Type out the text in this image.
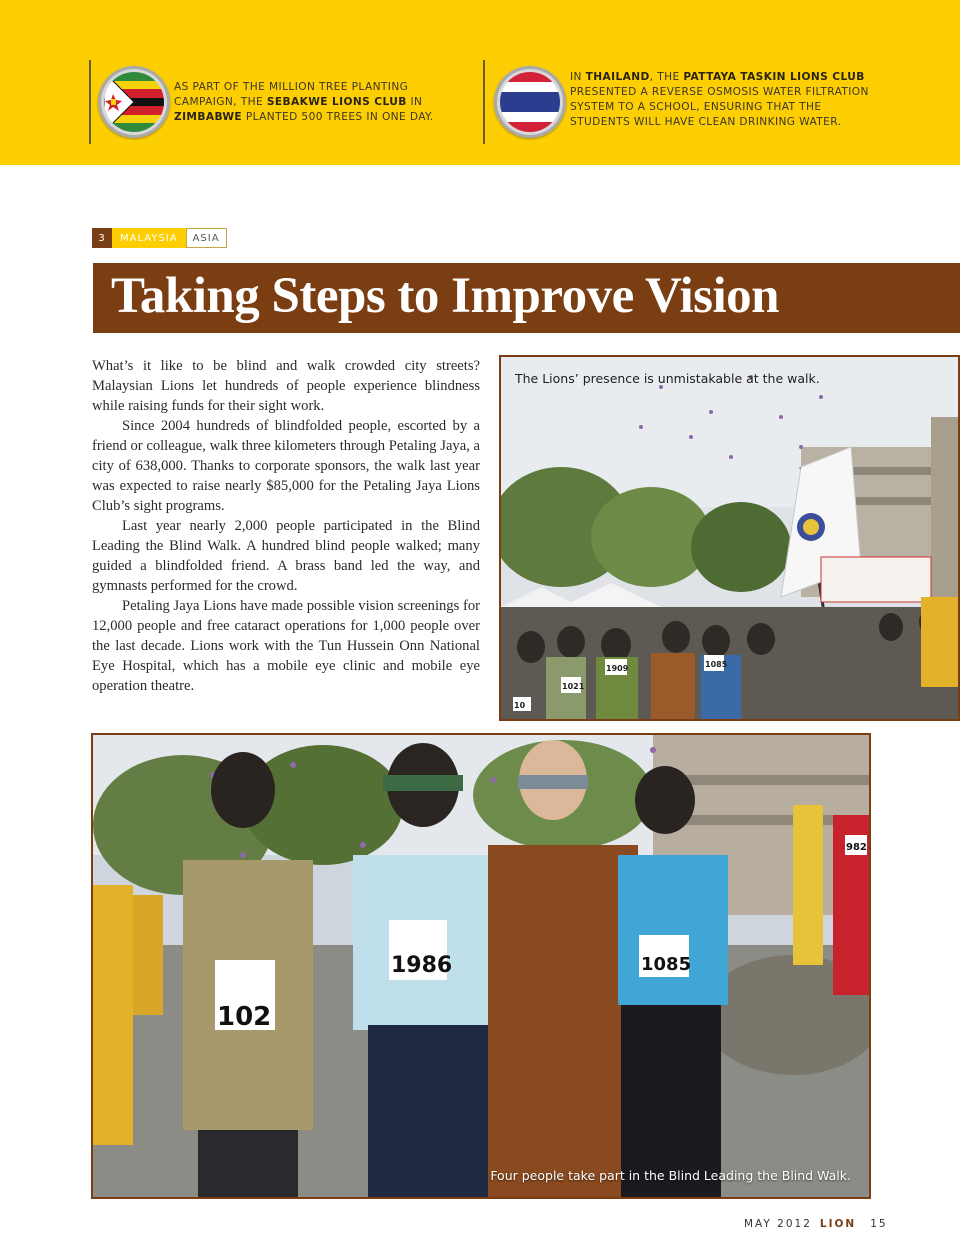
AS PART OF THE MILLION TREE PLANTING CAMPAIGN, THE SEBAKWE LIONS CLUB IN ZIMBABWE PLANTED 500 TREES IN ONE DAY.
IN THAILAND, THE PATTAYA TASKIN LIONS CLUB PRESENTED A REVERSE OSMOSIS WATER FILTRATION SYSTEM TO A SCHOOL, ENSURING THAT THE STUDENTS WILL HAVE CLEAN DRINKING WATER.
3	MALAYSIA	ASIA
Taking Steps to Improve Vision

What’s it like to be blind and walk crowded city streets? Malaysian Lions let hundreds of people experience blindness while raising funds for their sight work.

Since 2004 hundreds of blindfolded people, escorted by a friend or colleague, walk three kilometers through Petaling Jaya, a city of 638,000. Thanks to corporate sponsors, the walk last year was expected to raise nearly $85,000 for the Petaling Jaya Lions Club’s sight programs.

Last year nearly 2,000 people participated in the Blind Leading the Blind Walk. A hundred blind people walked; many guided a blindfolded friend. A brass band led the way, and gymnasts performed for the crowd.

Petaling Jaya Lions have made possible vision screenings for 12,000 people and free cataract operations for 1,000 people over the last decade. Lions work with the Tun Hussein Onn National Eye Hospital, which has a mobile eye clinic and mobile eye operation theatre.	1021
1909	1085
10
The Lions’ presence is unmistakable at the walk.
102
1986	1085
982
Four people take part in the Blind Leading the Blind Walk.
MAY 2012 LION 15
